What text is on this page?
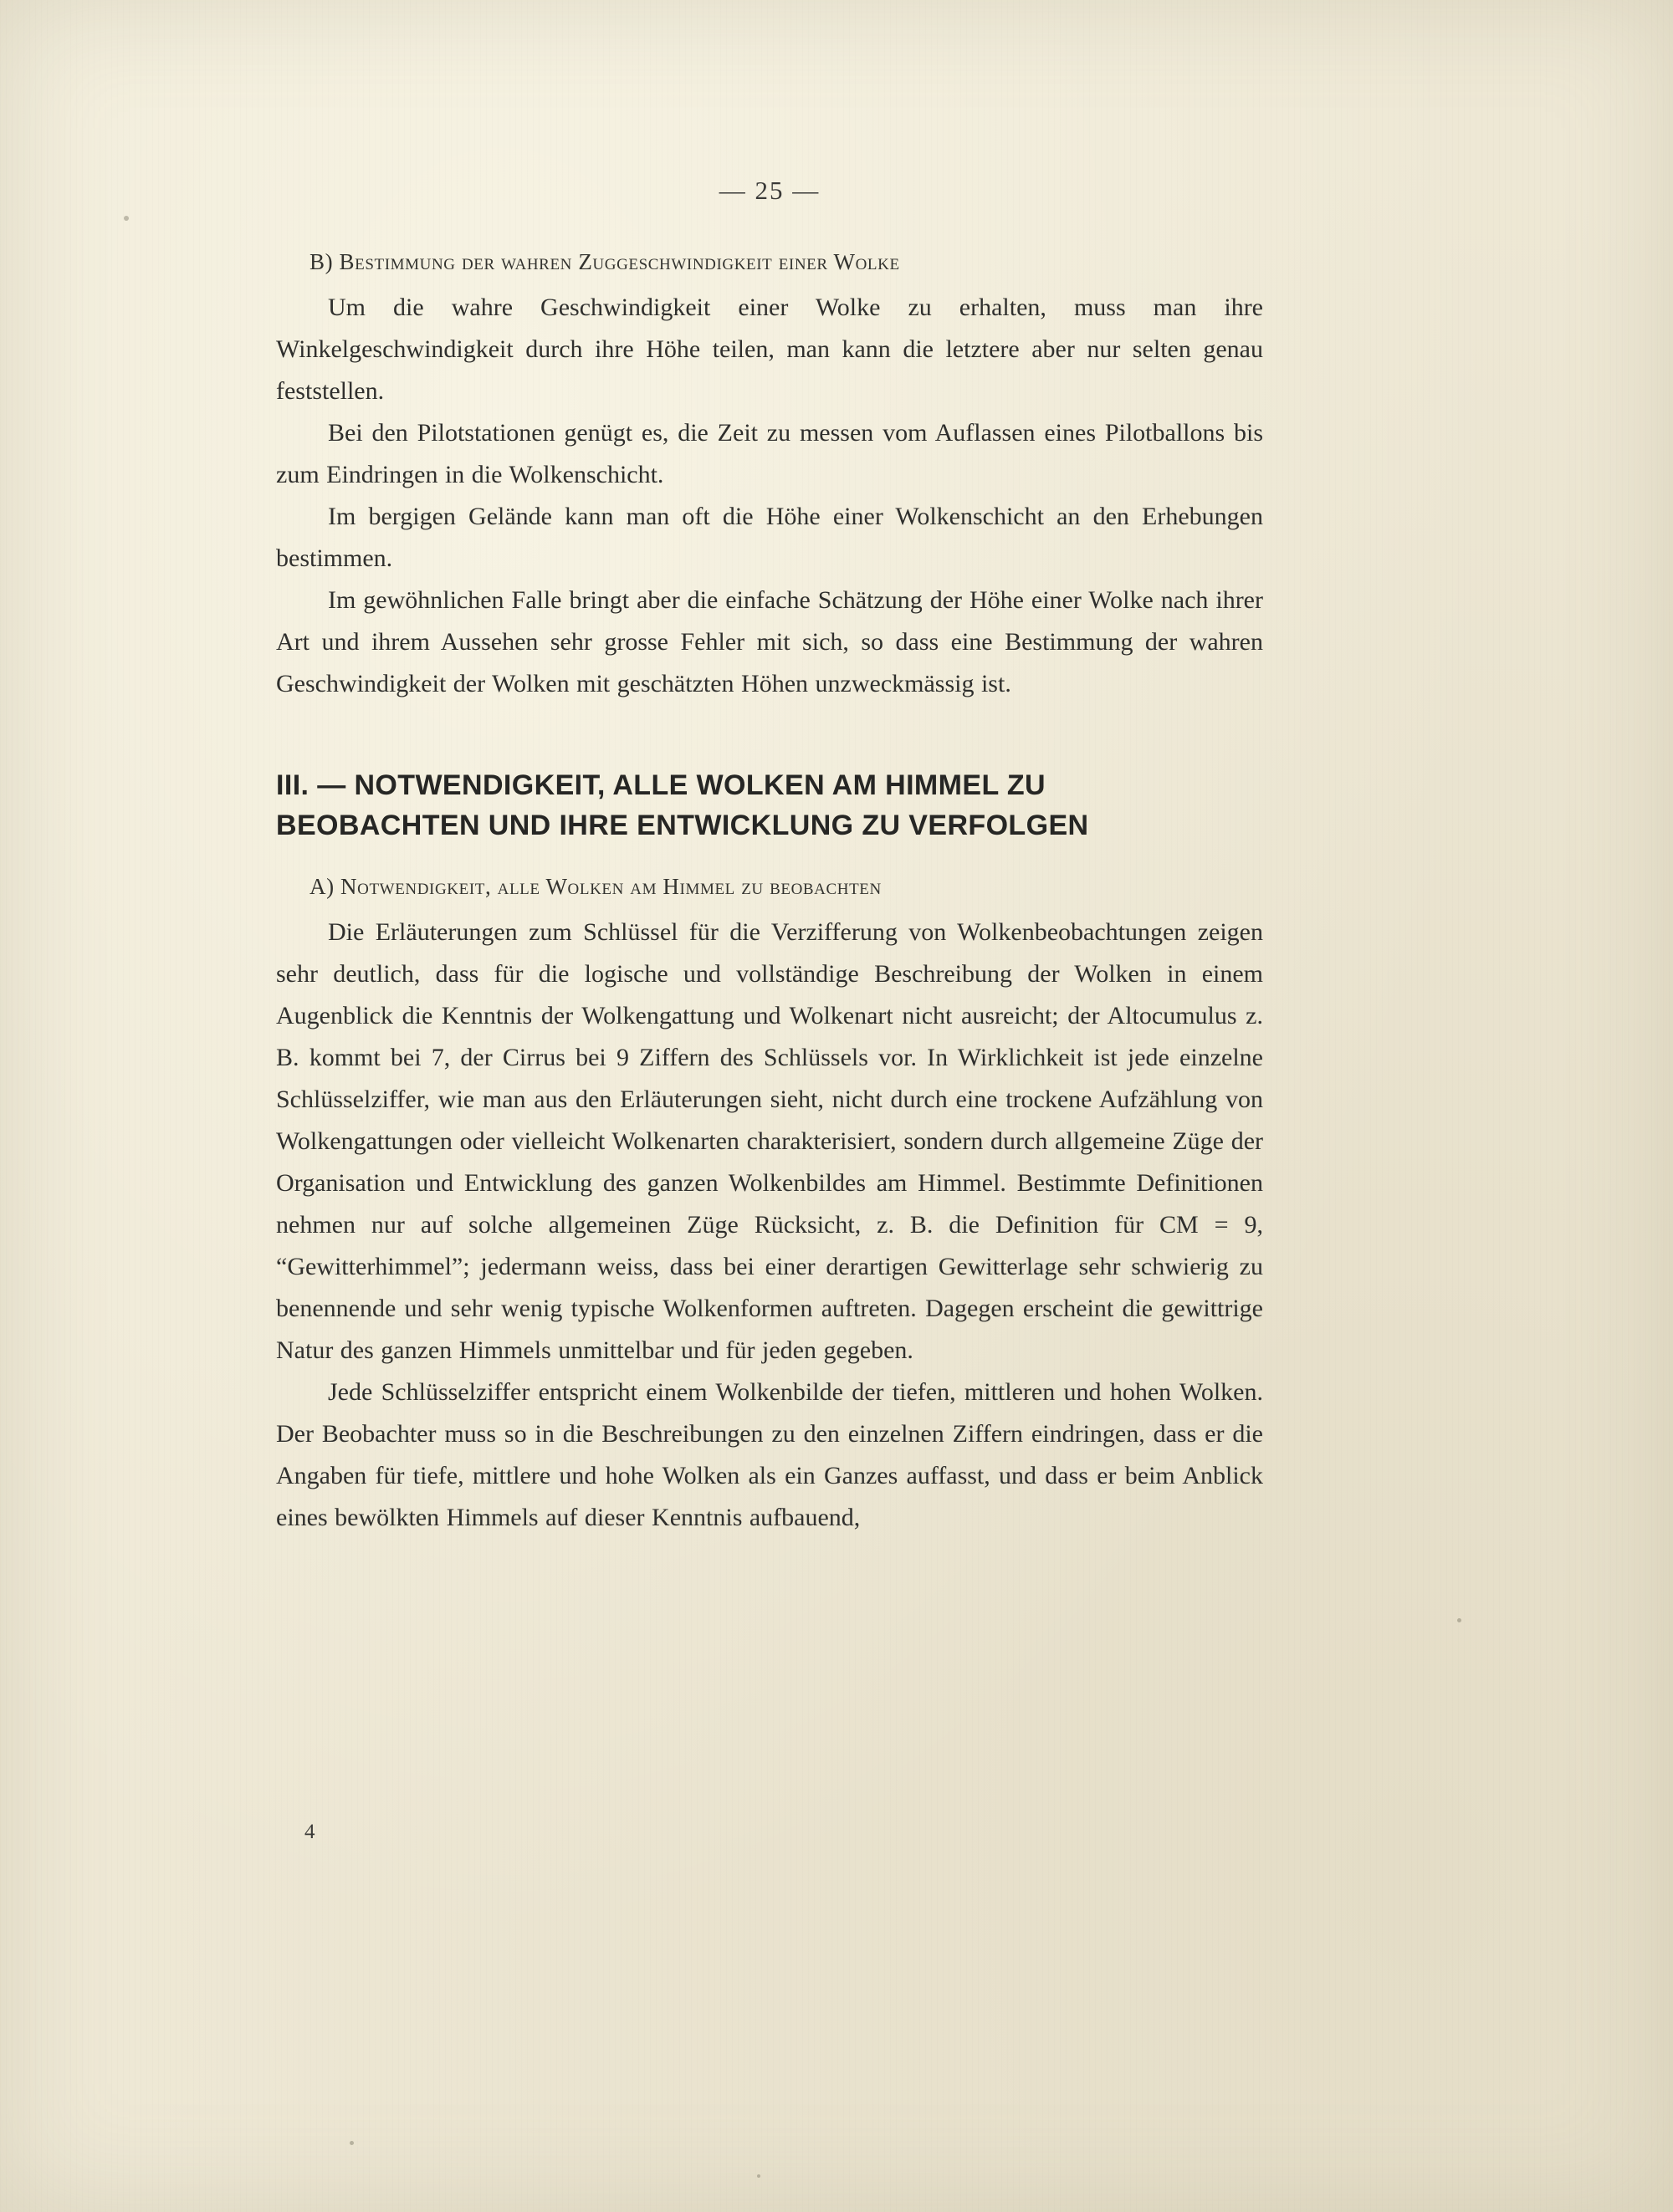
— 25 —
B) Bestimmung der wahren Zuggeschwindigkeit einer Wolke

Um die wahre Geschwindigkeit einer Wolke zu erhalten, muss man ihre Winkelgeschwindigkeit durch ihre Höhe teilen, man kann die letztere aber nur selten genau feststellen.

Bei den Pilotstationen genügt es, die Zeit zu messen vom Auflassen eines Pilotballons bis zum Eindringen in die Wolkenschicht.

Im bergigen Gelände kann man oft die Höhe einer Wolkenschicht an den Erhebungen bestimmen.

Im gewöhnlichen Falle bringt aber die einfache Schätzung der Höhe einer Wolke nach ihrer Art und ihrem Aussehen sehr grosse Fehler mit sich, so dass eine Bestimmung der wahren Geschwindigkeit der Wolken mit geschätzten Höhen unzweckmässig ist.

III. — NOTWENDIGKEIT, ALLE WOLKEN AM HIMMEL ZU
BEOBACHTEN UND IHRE ENTWICKLUNG ZU VERFOLGEN
A) Notwendigkeit, alle Wolken am Himmel zu beobachten

Die Erläuterungen zum Schlüssel für die Verzifferung von Wolkenbeobachtungen zeigen sehr deutlich, dass für die logische und vollständige Beschreibung der Wolken in einem Augenblick die Kenntnis der Wolkengattung und Wolkenart nicht ausreicht; der Altocumulus z. B. kommt bei 7, der Cirrus bei 9 Ziffern des Schlüssels vor. In Wirklichkeit ist jede einzelne Schlüsselziffer, wie man aus den Erläuterungen sieht, nicht durch eine trockene Aufzählung von Wolkengattungen oder vielleicht Wolkenarten charakterisiert, sondern durch allgemeine Züge der Organisation und Entwicklung des ganzen Wolkenbildes am Himmel. Bestimmte Definitionen nehmen nur auf solche allgemeinen Züge Rücksicht, z. B. die Definition für CM = 9, “Gewitterhimmel”; jedermann weiss, dass bei einer derartigen Gewitterlage sehr schwierig zu benennende und sehr wenig typische Wolkenformen auftreten. Dagegen erscheint die gewittrige Natur des ganzen Himmels unmittelbar und für jeden gegeben.

Jede Schlüsselziffer entspricht einem Wolkenbilde der tiefen, mittleren und hohen Wolken. Der Beobachter muss so in die Beschreibungen zu den einzelnen Ziffern eindringen, dass er die Angaben für tiefe, mittlere und hohe Wolken als ein Ganzes auffasst, und dass er beim Anblick eines bewölkten Himmels auf dieser Kenntnis aufbauend,

4
